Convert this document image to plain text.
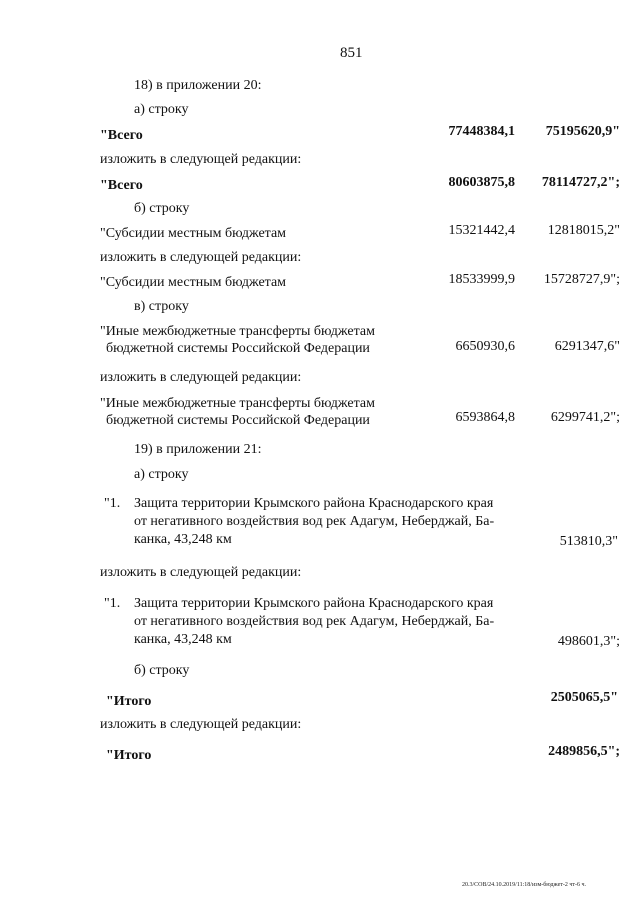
851
18) в приложении 20:
а) строку
"Всего	77448384,1 75195620,9"
изложить в следующей редакции:
"Всего	80603875,8 78114727,2";
б) строку
"Субсидии местным бюджетам	15321442,4 12818015,2"
изложить в следующей редакции:
"Субсидии местным бюджетам	18533999,9 15728727,9";
в) строку
"Иные межбюджетные трансферты бюджетам
бюджетной системы Российской Федерации	6650930,6	6291347,6"
изложить в следующей редакции:
"Иные межбюджетные трансферты бюджетам
бюджетной системы Российской Федерации	6593864,8	6299741,2";
19) в приложении 21:
а) строку
"1. Защита территории Крымского района Краснодарского края
от негативного воздействия вод рек Адагум, Неберджай, Ба-
канка, 43,248 км	513810,3"
изложить в следующей редакции:
"1. Защита территории Крымского района Краснодарского края
от негативного воздействия вод рек Адагум, Неберджай, Ба-
канка, 43,248 км	498601,3";
б) строку
"Итого	2505065,5"
изложить в следующей редакции:
"Итого	2489856,5";
20.3/СОВ/24.10.2019/11:18/изм-бюджет-2 чт-6 ч.
